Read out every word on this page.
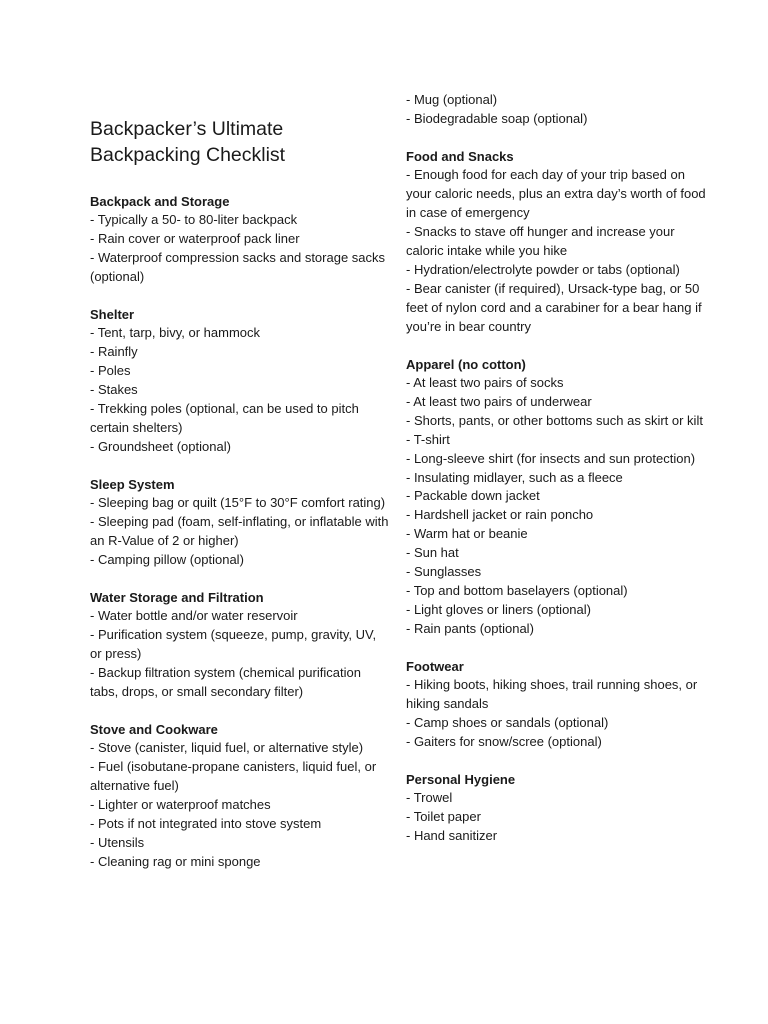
Backpacker’s Ultimate Backpacking Checklist
Backpack and Storage
- Typically a 50- to 80-liter backpack
- Rain cover or waterproof pack liner
- Waterproof compression sacks and storage sacks (optional)
Shelter
- Tent, tarp, bivy, or hammock
- Rainfly
- Poles
- Stakes
- Trekking poles (optional, can be used to pitch certain shelters)
- Groundsheet (optional)
Sleep System
- Sleeping bag or quilt (15°F to 30°F comfort rating)
- Sleeping pad (foam, self-inflating, or inflatable with an R-Value of 2 or higher)
- Camping pillow (optional)
Water Storage and Filtration
- Water bottle and/or water reservoir
- Purification system (squeeze, pump, gravity, UV, or press)
- Backup filtration system (chemical purification tabs, drops, or small secondary filter)
Stove and Cookware
- Stove (canister, liquid fuel, or alternative style)
- Fuel (isobutane-propane canisters, liquid fuel, or alternative fuel)
- Lighter or waterproof matches
- Pots if not integrated into stove system
- Utensils
- Cleaning rag or mini sponge
- Mug (optional)
- Biodegradable soap (optional)
Food and Snacks
- Enough food for each day of your trip based on your caloric needs, plus an extra day’s worth of food in case of emergency
- Snacks to stave off hunger and increase your caloric intake while you hike
- Hydration/electrolyte powder or tabs (optional)
- Bear canister (if required), Ursack-type bag, or 50 feet of nylon cord and a carabiner for a bear hang if you’re in bear country
Apparel (no cotton)
- At least two pairs of socks
- At least two pairs of underwear
- Shorts, pants, or other bottoms such as skirt or kilt
- T-shirt
- Long-sleeve shirt (for insects and sun protection)
- Insulating midlayer, such as a fleece
- Packable down jacket
- Hardshell jacket or rain poncho
- Warm hat or beanie
- Sun hat
- Sunglasses
- Top and bottom baselayers (optional)
- Light gloves or liners (optional)
- Rain pants (optional)
Footwear
- Hiking boots, hiking shoes, trail running shoes, or hiking sandals
- Camp shoes or sandals (optional)
- Gaiters for snow/scree (optional)
Personal Hygiene
- Trowel
- Toilet paper
- Hand sanitizer
